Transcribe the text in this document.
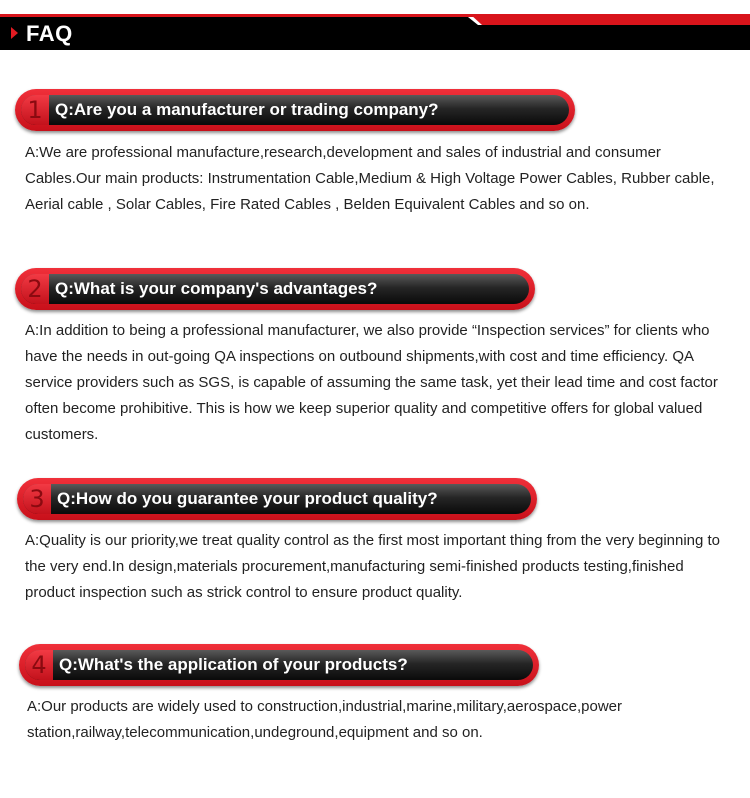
FAQ
1 Q:Are you a manufacturer or trading company?
A:We are professional manufacture,research,development and sales of industrial and consumer Cables.Our main products: Instrumentation Cable,Medium & High Voltage Power Cables, Rubber cable, Aerial cable , Solar Cables, Fire Rated Cables , Belden Equivalent Cables and so on.
2 Q:What is your company's advantages?
A:In addition to being a professional manufacturer, we also provide “Inspection services” for clients who have the needs in out-going QA inspections on outbound shipments,with cost and time efficiency. QA service providers such as SGS, is capable of assuming the same task, yet their lead time and cost factor often become prohibitive. This is how we keep superior quality and competitive offers for global valued customers.
3 Q:How do you guarantee your product quality?
A:Quality is our priority,we treat quality control as the first most important thing from the very beginning to the very end.In design,materials procurement,manufacturing semi-finished products testing,finished product inspection such as strick control to ensure product quality.
4 Q:What's the application of your products?
A:Our products are widely used to construction,industrial,marine,military,aerospace,power station,railway,telecommunication,undeground,equipment and so on.
